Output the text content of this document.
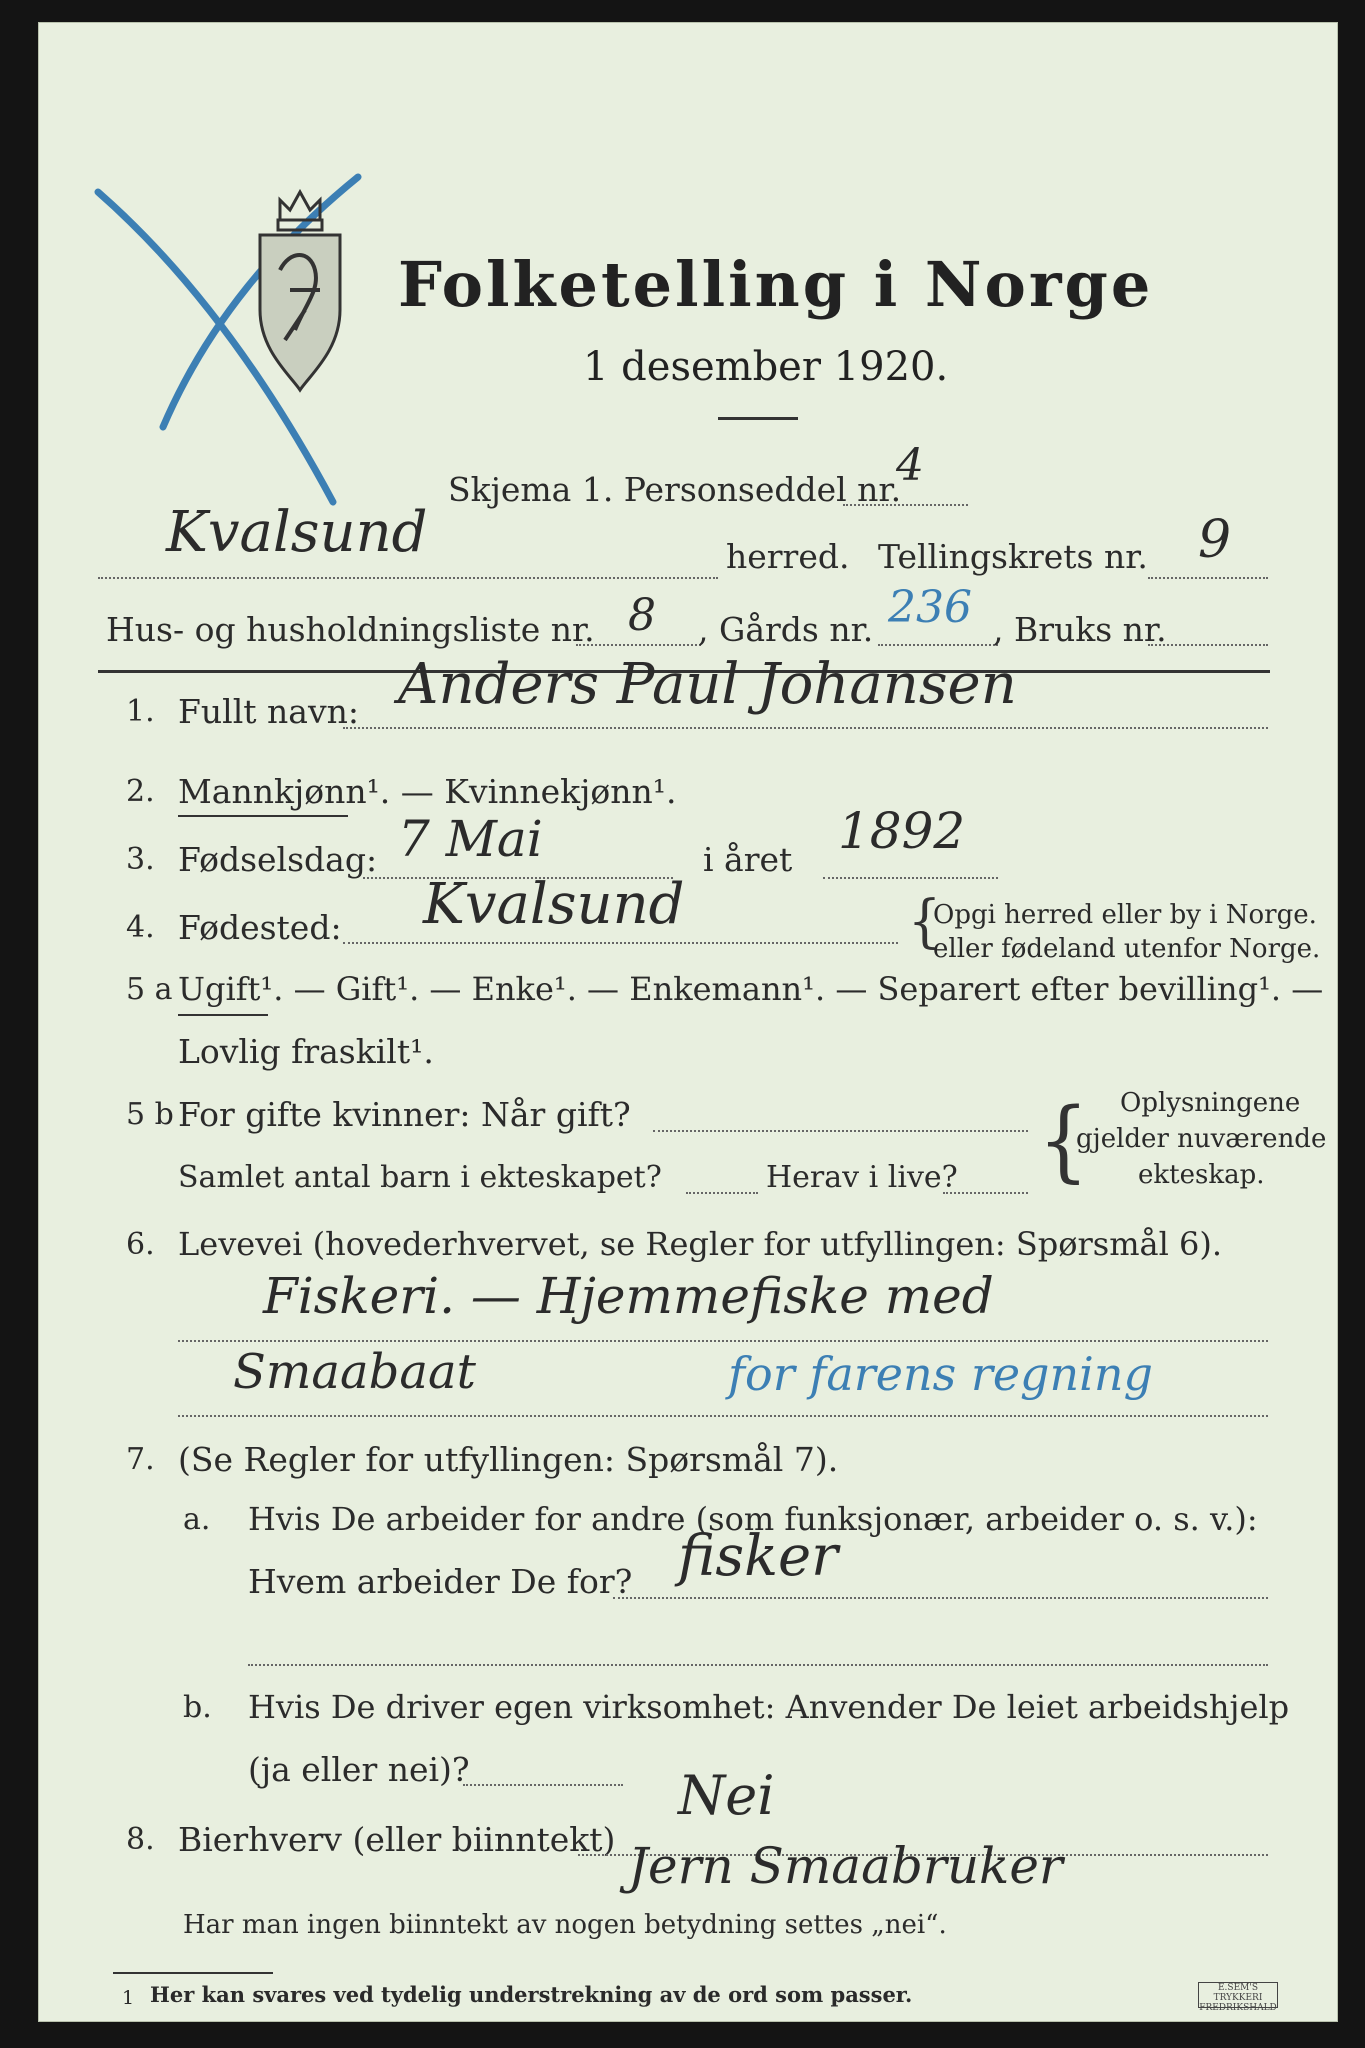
Folketelling i Norge
1 desember 1920.
Skjema 1. Personseddel nr.
4
Kvalsund	herred. Tellingskrets nr. 9
Hus- og husholdningsliste nr. 8 , Gårds nr. 236 , Bruks nr.
1. Fullt navn: Anders Paul Johansen
2. Mannkjønn¹. — Kvinnekjønn¹.
3. Fødselsdag: 7 Mai	i året 1892
4. Fødested: Kvalsund	{
Opgi herred eller by i Norge.
eller fødeland utenfor Norge.
5 a Ugift¹. — Gift¹. — Enke¹. — Enkemann¹. — Separert efter bevilling¹. —
Lovlig fraskilt¹.
5 b For gifte kvinner: Når gift?
Samlet antal barn i ekteskapet?	Herav i live? { Oplysningene
gjelder nuværende
ekteskap.
6. Levevei (hovederhvervet, se Regler for utfyllingen: Spørsmål 6).
Fiskeri. — Hjemmefiske med
Smaabaat	for farens regning
7. (Se Regler for utfyllingen: Spørsmål 7).
a. Hvis De arbeider for andre (som funksjonær, arbeider o. s. v.):
Hvem arbeider De for? fisker
b. Hvis De driver egen virksomhet: Anvender De leiet arbeidshjelp
(ja eller nei)?
8. Bierhverv (eller biinntekt)
Nei
Jern Smaabruker
Har man ingen biinntekt av nogen betydning settes „nei“.
1 Her kan svares ved tydelig understrekning av de ord som passer.	E.SEM'S TRYKKERI
FREDRIKSHALD
